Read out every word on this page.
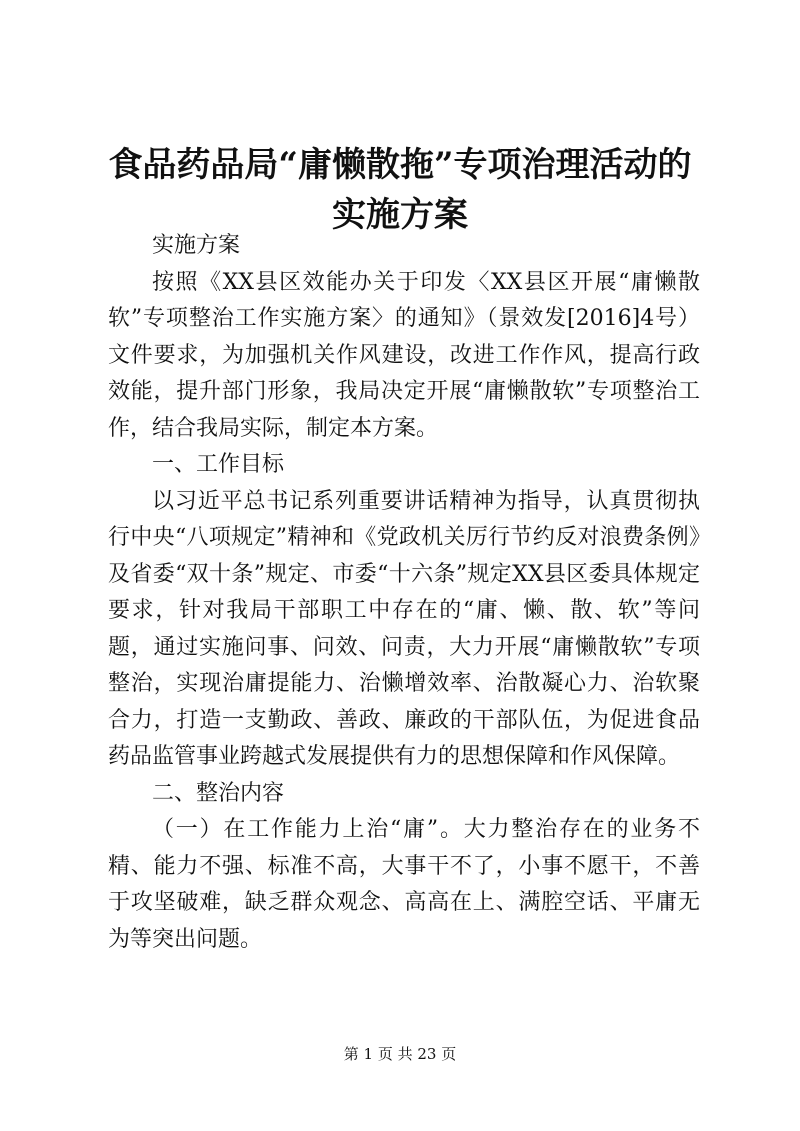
食品药品局“庸懒散拖”专项治理活动的实施方案

实施方案

按照《XX县区效能办关于印发〈XX县区开展“庸懒散软”专项整治工作实施方案〉的通知》（景效发[2016]4号）文件要求，为加强机关作风建设，改进工作作风，提高行政效能，提升部门形象，我局决定开展“庸懒散软”专项整治工作，结合我局实际，制定本方案。

一、工作目标

以习近平总书记系列重要讲话精神为指导，认真贯彻执行中央“八项规定”精神和《党政机关厉行节约反对浪费条例》及省委“双十条”规定、市委“十六条”规定XX县区委具体规定要求，针对我局干部职工中存在的“庸、懒、散、软”等问题，通过实施问事、问效、问责，大力开展“庸懒散软”专项整治，实现治庸提能力、治懒增效率、治散凝心力、治软聚合力，打造一支勤政、善政、廉政的干部队伍，为促进食品药品监管事业跨越式发展提供有力的思想保障和作风保障。

二、整治内容

（一）在工作能力上治“庸”。大力整治存在的业务不精、能力不强、标准不高，大事干不了，小事不愿干，不善于攻坚破难，缺乏群众观念、高高在上、满腔空话、平庸无为等突出问题。

第 1 页 共 23 页
